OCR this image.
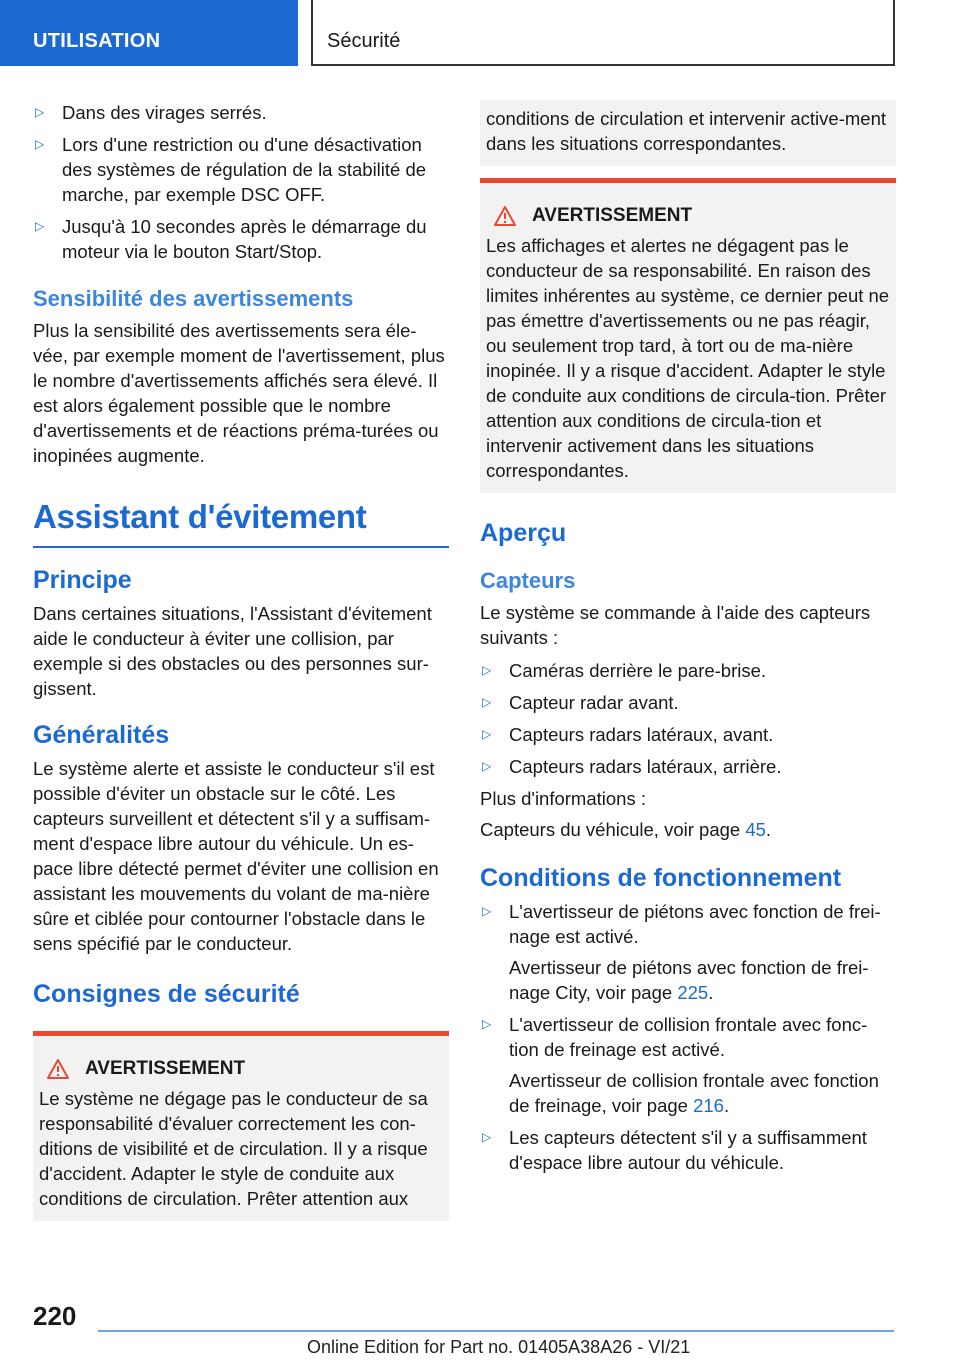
UTILISATION	Sécurité
▷ Dans des virages serrés.
▷ Lors d'une restriction ou d'une désactivation des systèmes de régulation de la stabilité de marche, par exemple DSC OFF.
▷ Jusqu'à 10 secondes après le démarrage du moteur via le bouton Start/Stop.
Sensibilité des avertissements

Plus la sensibilité des avertissements sera éle-vée, par exemple moment de l'avertissement, plus le nombre d'avertissements affichés sera élevé. Il est alors également possible que le nombre d'avertissements et de réactions préma-turées ou inopinées augmente.

Assistant d'évitement
Principe

Dans certaines situations, l'Assistant d'évitement aide le conducteur à éviter une collision, par exemple si des obstacles ou des personnes sur-gissent.

Généralités

Le système alerte et assiste le conducteur s'il est possible d'éviter un obstacle sur le côté. Les capteurs surveillent et détectent s'il y a suffisam-ment d'espace libre autour du véhicule. Un es-pace libre détecté permet d'éviter une collision en assistant les mouvements du volant de ma-nière sûre et ciblée pour contourner l'obstacle dans le sens spécifié par le conducteur.

Consignes de sécurité
AVERTISSEMENT

Le système ne dégage pas le conducteur de sa responsabilité d'évaluer correctement les con-ditions de visibilité et de circulation. Il y a risque d'accident. Adapter le style de conduite aux conditions de circulation. Prêter attention aux

conditions de circulation et intervenir active-ment dans les situations correspondantes.

AVERTISSEMENT

Les affichages et alertes ne dégagent pas le conducteur de sa responsabilité. En raison des limites inhérentes au système, ce dernier peut ne pas émettre d'avertissements ou ne pas réagir, ou seulement trop tard, à tort ou de ma-nière inopinée. Il y a risque d'accident. Adapter le style de conduite aux conditions de circula-tion. Prêter attention aux conditions de circula-tion et intervenir activement dans les situations correspondantes.

Aperçu
Capteurs

Le système se commande à l'aide des capteurs suivants :

▷ Caméras derrière le pare-brise.
▷ Capteur radar avant.
▷ Capteurs radars latéraux, avant.
▷ Capteurs radars latéraux, arrière.

Plus d'informations :

Capteurs du véhicule, voir page 45.

Conditions de fonctionnement
▷ L'avertisseur de piétons avec fonction de frei-nage est activé.
Avertisseur de piétons avec fonction de frei-nage City, voir page 225.
▷ L'avertisseur de collision frontale avec fonc-tion de freinage est activé.
Avertisseur de collision frontale avec fonction de freinage, voir page 216.
▷ Les capteurs détectent s'il y a suffisamment d'espace libre autour du véhicule.
220
Online Edition for Part no. 01405A38A26 - VI/21
